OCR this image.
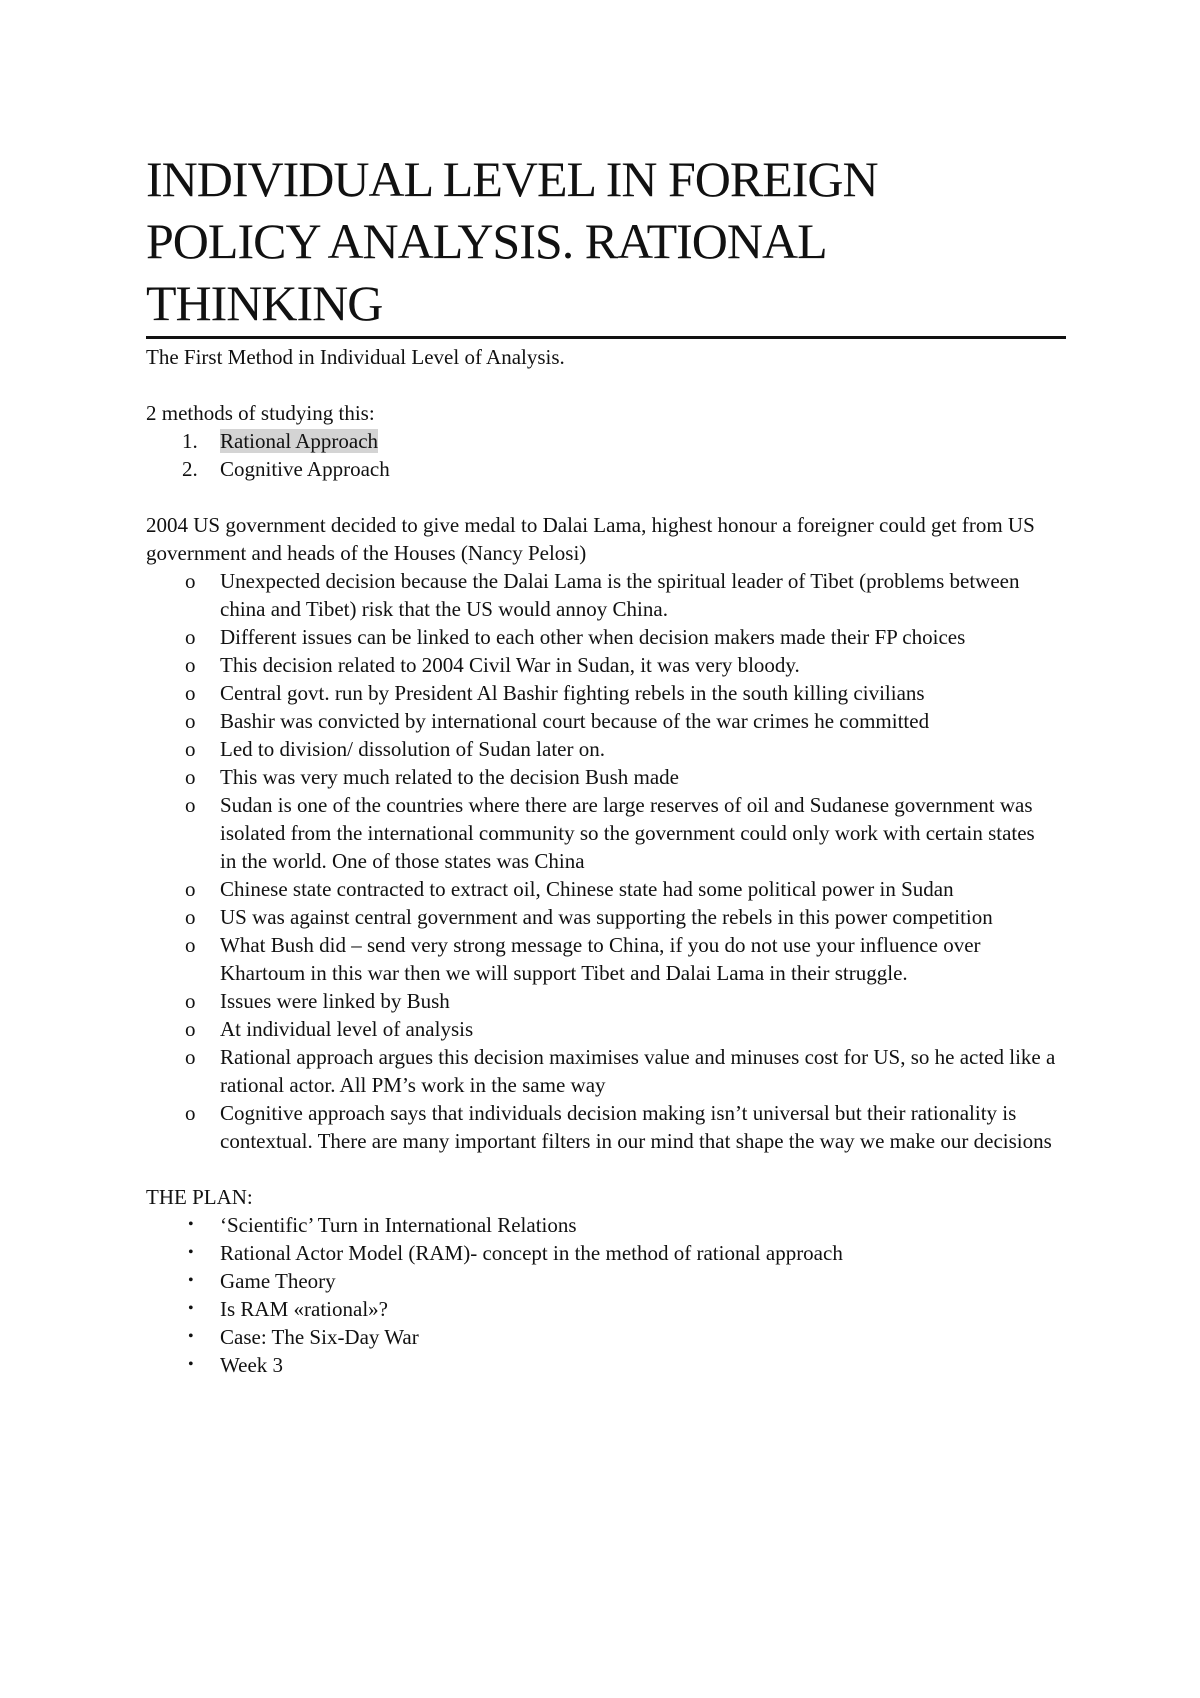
INDIVIDUAL LEVEL IN FOREIGN
POLICY ANALYSIS. RATIONAL
THINKING

The First Method in Individual Level of Analysis.

2 methods of studying this:

1. Rational Approach
2. Cognitive Approach

2004 US government decided to give medal to Dalai Lama, highest honour a foreigner could get from US government and heads of the Houses (Nancy Pelosi)

o Unexpected decision because the Dalai Lama is the spiritual leader of Tibet (problems between china and Tibet) risk that the US would annoy China.
o Different issues can be linked to each other when decision makers made their FP choices
o This decision related to 2004 Civil War in Sudan, it was very bloody.
o Central govt. run by President Al Bashir fighting rebels in the south killing civilians
o Bashir was convicted by international court because of the war crimes he committed
o Led to division/ dissolution of Sudan later on.
o This was very much related to the decision Bush made
o Sudan is one of the countries where there are large reserves of oil and Sudanese government was isolated from the international community so the government could only work with certain states in the world. One of those states was China
o Chinese state contracted to extract oil, Chinese state had some political power in Sudan
o US was against central government and was supporting the rebels in this power competition
o What Bush did – send very strong message to China, if you do not use your influence over Khartoum in this war then we will support Tibet and Dalai Lama in their struggle.
o Issues were linked by Bush
o At individual level of analysis
o Rational approach argues this decision maximises value and minuses cost for US, so he acted like a rational actor. All PM’s work in the same way
o Cognitive approach says that individuals decision making isn’t universal but their rationality is contextual. There are many important filters in our mind that shape the way we make our decisions

THE PLAN:

• ‘Scientific’ Turn in International Relations
• Rational Actor Model (RAM)- concept in the method of rational approach
• Game Theory
• Is RAM «rational»?
• Case: The Six-Day War
• Week 3
